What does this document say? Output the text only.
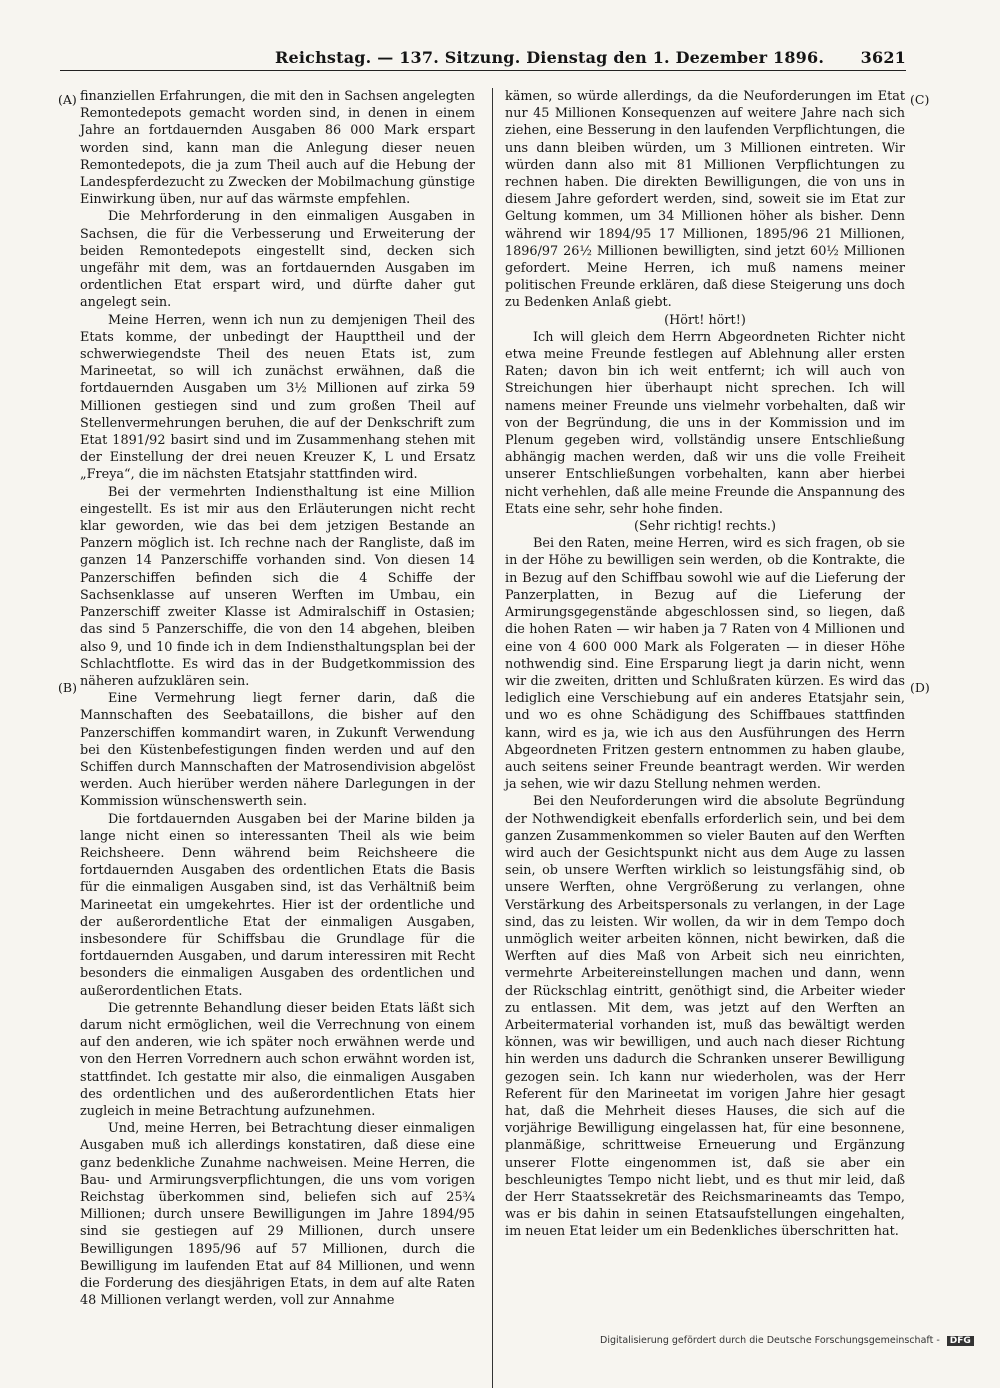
Reichstag. — 137. Sitzung. Dienstag den 1. Dezember 1896. 3621
(A)
(B)
(C)
(D)

finanziellen Erfahrungen, die mit den in Sachsen angelegten Remontedepots gemacht worden sind, in denen in einem Jahre an fortdauernden Ausgaben 86 000 Mark erspart worden sind, kann man die Anlegung dieser neuen Remontedepots, die ja zum Theil auch auf die Hebung der Landespferdezucht zu Zwecken der Mobilmachung günstige Einwirkung üben, nur auf das wärmste empfehlen.

Die Mehrforderung in den einmaligen Ausgaben in Sachsen, die für die Verbesserung und Erweiterung der beiden Remontedepots eingestellt sind, decken sich ungefähr mit dem, was an fortdauernden Ausgaben im ordentlichen Etat erspart wird, und dürfte daher gut angelegt sein.

Meine Herren, wenn ich nun zu demjenigen Theil des Etats komme, der unbedingt der Haupttheil und der schwerwiegendste Theil des neuen Etats ist, zum Marineetat, so will ich zunächst erwähnen, daß die fortdauernden Ausgaben um 3½ Millionen auf zirka 59 Millionen gestiegen sind und zum großen Theil auf Stellenvermehrungen beruhen, die auf der Denkschrift zum Etat 1891/92 basirt sind und im Zusammenhang stehen mit der Einstellung der drei neuen Kreuzer K, L und Ersatz „Freya“, die im nächsten Etatsjahr stattfinden wird.

Bei der vermehrten Indiensthaltung ist eine Million eingestellt. Es ist mir aus den Erläuterungen nicht recht klar geworden, wie das bei dem jetzigen Bestande an Panzern möglich ist. Ich rechne nach der Rangliste, daß im ganzen 14 Panzerschiffe vorhanden sind. Von diesen 14 Panzerschiffen befinden sich die 4 Schiffe der Sachsenklasse auf unseren Werften im Umbau, ein Panzerschiff zweiter Klasse ist Admiralschiff in Ostasien; das sind 5 Panzerschiffe, die von den 14 abgehen, bleiben also 9, und 10 finde ich in dem Indiensthaltungsplan bei der Schlachtflotte. Es wird das in der Budgetkommission des näheren aufzuklären sein.

Eine Vermehrung liegt ferner darin, daß die Mannschaften des Seebataillons, die bisher auf den Panzerschiffen kommandirt waren, in Zukunft Verwendung bei den Küstenbefestigungen finden werden und auf den Schiffen durch Mannschaften der Matrosendivision abgelöst werden. Auch hierüber werden nähere Darlegungen in der Kommission wünschenswerth sein.

Die fortdauernden Ausgaben bei der Marine bilden ja lange nicht einen so interessanten Theil als wie beim Reichsheere. Denn während beim Reichsheere die fortdauernden Ausgaben des ordentlichen Etats die Basis für die einmaligen Ausgaben sind, ist das Verhältniß beim Marineetat ein umgekehrtes. Hier ist der ordentliche und der außerordentliche Etat der einmaligen Ausgaben, insbesondere für Schiffsbau die Grundlage für die fortdauernden Ausgaben, und darum interessiren mit Recht besonders die einmaligen Ausgaben des ordentlichen und außerordentlichen Etats.

Die getrennte Behandlung dieser beiden Etats läßt sich darum nicht ermöglichen, weil die Verrechnung von einem auf den anderen, wie ich später noch erwähnen werde und von den Herren Vorrednern auch schon erwähnt worden ist, stattfindet. Ich gestatte mir also, die einmaligen Ausgaben des ordentlichen und des außerordentlichen Etats hier zugleich in meine Betrachtung aufzunehmen.

Und, meine Herren, bei Betrachtung dieser einmaligen Ausgaben muß ich allerdings konstatiren, daß diese eine ganz bedenkliche Zunahme nachweisen. Meine Herren, die Bau- und Armirungsverpflichtungen, die uns vom vorigen Reichstag überkommen sind, beliefen sich auf 25¾ Millionen; durch unsere Bewilligungen im Jahre 1894/95 sind sie gestiegen auf 29 Millionen, durch unsere Bewilligungen 1895/96 auf 57 Millionen, durch die Bewilligung im laufenden Etat auf 84 Millionen, und wenn die Forderung des diesjährigen Etats, in dem auf alte Raten 48 Millionen verlangt werden, voll zur Annahme

kämen, so würde allerdings, da die Neuforderungen im Etat nur 45 Millionen Konsequenzen auf weitere Jahre nach sich ziehen, eine Besserung in den laufenden Verpflichtungen, die uns dann bleiben würden, um 3 Millionen eintreten. Wir würden dann also mit 81 Millionen Verpflichtungen zu rechnen haben. Die direkten Bewilligungen, die von uns in diesem Jahre gefordert werden, sind, soweit sie im Etat zur Geltung kommen, um 34 Millionen höher als bisher. Denn während wir 1894/95 17 Millionen, 1895/96 21 Millionen, 1896/97 26½ Millionen bewilligten, sind jetzt 60½ Millionen gefordert. Meine Herren, ich muß namens meiner politischen Freunde erklären, daß diese Steigerung uns doch zu Bedenken Anlaß giebt.

(Hört! hört!)

Ich will gleich dem Herrn Abgeordneten Richter nicht etwa meine Freunde festlegen auf Ablehnung aller ersten Raten; davon bin ich weit entfernt; ich will auch von Streichungen hier überhaupt nicht sprechen. Ich will namens meiner Freunde uns vielmehr vorbehalten, daß wir von der Begründung, die uns in der Kommission und im Plenum gegeben wird, vollständig unsere Entschließung abhängig machen werden, daß wir uns die volle Freiheit unserer Entschließungen vorbehalten, kann aber hierbei nicht verhehlen, daß alle meine Freunde die Anspannung des Etats eine sehr, sehr hohe finden.

(Sehr richtig! rechts.)

Bei den Raten, meine Herren, wird es sich fragen, ob sie in der Höhe zu bewilligen sein werden, ob die Kontrakte, die in Bezug auf den Schiffbau sowohl wie auf die Lieferung der Panzerplatten, in Bezug auf die Lieferung der Armirungsgegenstände abgeschlossen sind, so liegen, daß die hohen Raten — wir haben ja 7 Raten von 4 Millionen und eine von 4 600 000 Mark als Folgeraten — in dieser Höhe nothwendig sind. Eine Ersparung liegt ja darin nicht, wenn wir die zweiten, dritten und Schlußraten kürzen. Es wird das lediglich eine Verschiebung auf ein anderes Etatsjahr sein, und wo es ohne Schädigung des Schiffbaues stattfinden kann, wird es ja, wie ich aus den Ausführungen des Herrn Abgeordneten Fritzen gestern entnommen zu haben glaube, auch seitens seiner Freunde beantragt werden. Wir werden ja sehen, wie wir dazu Stellung nehmen werden.

Bei den Neuforderungen wird die absolute Begründung der Nothwendigkeit ebenfalls erforderlich sein, und bei dem ganzen Zusammenkommen so vieler Bauten auf den Werften wird auch der Gesichtspunkt nicht aus dem Auge zu lassen sein, ob unsere Werften wirklich so leistungsfähig sind, ob unsere Werften, ohne Vergrößerung zu verlangen, ohne Verstärkung des Arbeitspersonals zu verlangen, in der Lage sind, das zu leisten. Wir wollen, da wir in dem Tempo doch unmöglich weiter arbeiten können, nicht bewirken, daß die Werften auf dies Maß von Arbeit sich neu einrichten, vermehrte Arbeitereinstellungen machen und dann, wenn der Rückschlag eintritt, genöthigt sind, die Arbeiter wieder zu entlassen. Mit dem, was jetzt auf den Werften an Arbeitermaterial vorhanden ist, muß das bewältigt werden können, was wir bewilligen, und auch nach dieser Richtung hin werden uns dadurch die Schranken unserer Bewilligung gezogen sein. Ich kann nur wiederholen, was der Herr Referent für den Marineetat im vorigen Jahre hier gesagt hat, daß die Mehrheit dieses Hauses, die sich auf die vorjährige Bewilligung eingelassen hat, für eine besonnene, planmäßige, schrittweise Erneuerung und Ergänzung unserer Flotte eingenommen ist, daß sie aber ein beschleunigtes Tempo nicht liebt, und es thut mir leid, daß der Herr Staatssekretär des Reichsmarineamts das Tempo, was er bis dahin in seinen Etatsaufstellungen eingehalten, im neuen Etat leider um ein Bedenkliches überschritten hat.

Digitalisierung gefördert durch die Deutsche Forschungsgemeinschaft - DFG
